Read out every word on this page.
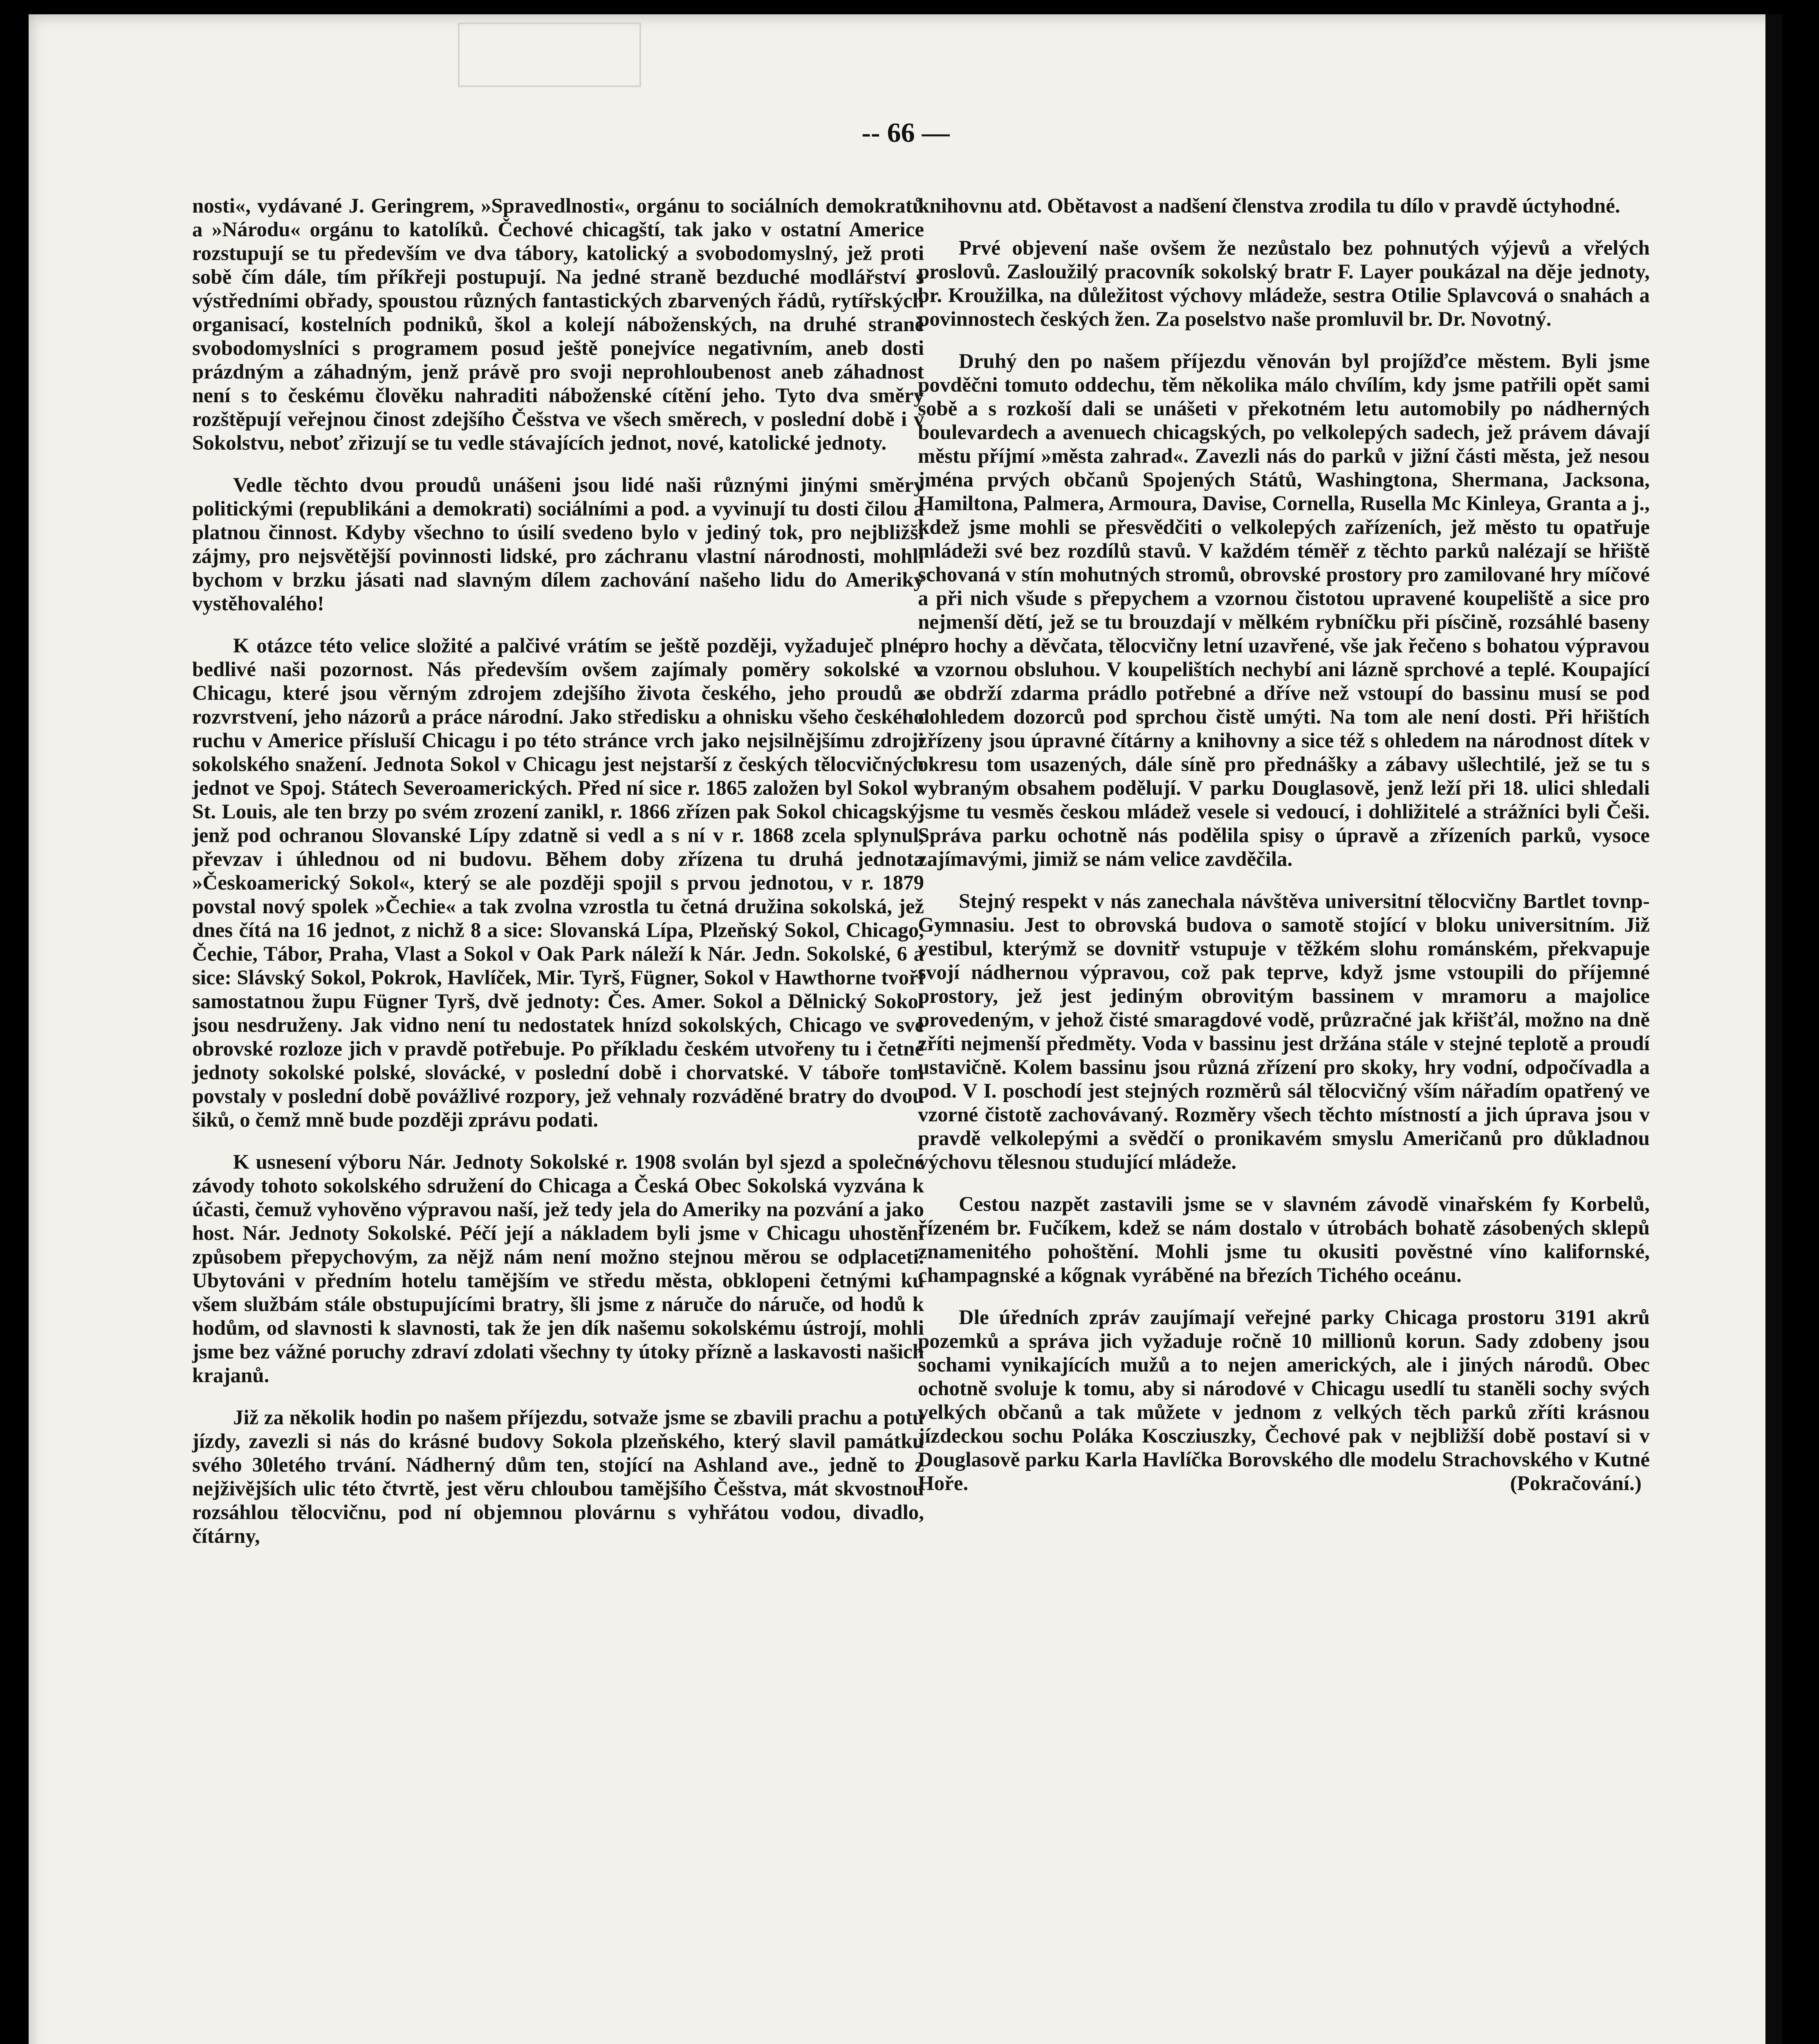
-- 66 —

nosti«, vydávané J. Geringrem, »Spravedlnosti«, orgánu to sociálních demokratů a »Národu« orgánu to katolíků. Čechové chicagští, tak jako v ostatní Americe rozstupují se tu především ve dva tábory, katolický a svobodomyslný, jež proti sobě čím dále, tím příkřeji postupují. Na jedné straně bezduché modlářství s výstředními obřady, spoustou různých fantastických zbarvených řádů, rytířských organisací, kostelních podniků, škol a kolejí náboženských, na druhé straně svobodomyslníci s programem posud ještě ponejvíce negativním, aneb dosti prázdným a záhadným, jenž právě pro svoji neprohloubenost aneb záhadnost není s to českému člověku nahraditi náboženské cítění jeho. Tyto dva směry rozštěpují veřejnou činost zdejšího Češstva ve všech směrech, v poslední době i v Sokolstvu, neboť zřizují se tu vedle stávajících jednot, nové, katolické jednoty.

Vedle těchto dvou proudů unášeni jsou lidé naši různými jinými směry politickými (republikáni a demokrati) sociálními a pod. a vyvinují tu dosti čilou a platnou činnost. Kdyby všechno to úsilí svedeno bylo v jediný tok, pro nejbližší zájmy, pro nejsvětější povinnosti lidské, pro záchranu vlastní národnosti, mohli bychom v brzku jásati nad slavným dílem zachování našeho lidu do Ameriky vystěhovalého!

K otázce této velice složité a palčivé vrátím se ještě později, vyžaduječ plné, bedlivé naši pozornost. Nás především ovšem zajímaly poměry sokolské v Chicagu, které jsou věrným zdrojem zdejšího života českého, jeho proudů a rozvrstvení, jeho názorů a práce národní. Jako středisku a ohnisku všeho českého ruchu v Americe přísluší Chicagu i po této stránce vrch jako nejsilnějšímu zdroji sokolského snažení. Jednota Sokol v Chicagu jest nejstarší z českých tělocvičných jednot ve Spoj. Státech Severoamerických. Před ní sice r. 1865 založen byl Sokol v St. Louis, ale ten brzy po svém zrození zanikl, r. 1866 zřízen pak Sokol chicagský, jenž pod ochranou Slovanské Lípy zdatně si vedl a s ní v r. 1868 zcela splynul, převzav i úhlednou od ni budovu. Během doby zřízena tu druhá jednota »Českoamerický Sokol«, který se ale později spojil s prvou jednotou, v r. 1879 povstal nový spolek »Čechie« a tak zvolna vzrostla tu četná družina sokolská, jež dnes čítá na 16 jednot, z nichž 8 a sice: Slovanská Lípa, Plzeňský Sokol, Chicago, Čechie, Tábor, Praha, Vlast a Sokol v Oak Park náleží k Nár. Jedn. Sokolské, 6 a sice: Slávský Sokol, Pokrok, Havlíček, Mir. Tyrš, Fügner, Sokol v Hawthorne tvoří samostatnou župu Fügner Tyrš, dvě jednoty: Čes. Amer. Sokol a Dělnický Sokol jsou nesdruženy. Jak vidno není tu nedostatek hnízd sokolských, Chicago ve své obrovské rozloze jich v pravdě potřebuje. Po příkladu českém utvořeny tu i četné jednoty sokolské polské, slovácké, v poslední době i chorvatské. V táboře tom povstaly v poslední době povážlivé rozpory, jež vehnaly rozváděné bratry do dvou šiků, o čemž mně bude později zprávu podati.

K usnesení výboru Nár. Jednoty Sokolské r. 1908 svolán byl sjezd a společné závody tohoto sokolského sdružení do Chicaga a Česká Obec Sokolská vyzvána k účasti, čemuž vyhověno výpravou naší, jež tedy jela do Ameriky na pozvání a jako host. Nár. Jednoty Sokolské. Péčí její a nákladem byli jsme v Chicagu uhostění způsobem přepychovým, za nějž nám není možno stejnou měrou se odplaceti. Ubytováni v předním hotelu tamějším ve středu města, obklopeni četnými ku všem službám stále obstupujícími bratry, šli jsme z náruče do náruče, od hodů k hodům, od slavnosti k slavnosti, tak že jen dík našemu sokolskému ústrojí, mohli jsme bez vážné poruchy zdraví zdolati všechny ty útoky přízně a laskavosti našich krajanů.

Již za několik hodin po našem příjezdu, sotvaže jsme se zbavili prachu a potu jízdy, zavezli si nás do krásné budovy Sokola plzeňského, který slavil památku svého 30letého trvání. Nádherný dům ten, stojící na Ashland ave., jedně to z nejživějších ulic této čtvrtě, jest věru chloubou tamějšího Češstva, mát skvostnou rozsáhlou tělocvičnu, pod ní objemnou plovárnu s vyhřátou vodou, divadlo, čítárny,

knihovnu atd. Obětavost a nadšení členstva zrodila tu dílo v pravdě úctyhodné.

Prvé objevení naše ovšem že nezůstalo bez pohnutých výjevů a vřelých proslovů. Zasloužilý pracovník sokolský bratr F. Layer poukázal na děje jednoty, br. Kroužilka, na důležitost výchovy mládeže, sestra Otilie Splavcová o snahách a povinnostech českých žen. Za poselstvo naše promluvil br. Dr. Novotný.

Druhý den po našem příjezdu věnován byl projížďce městem. Byli jsme povděčni tomuto oddechu, těm několika málo chvílím, kdy jsme patřili opět sami sobě a s rozkoší dali se unášeti v překotném letu automobily po nádherných boulevardech a avenuech chicagských, po velkolepých sadech, jež právem dávají městu příjmí »města zahrad«. Zavezli nás do parků v jižní části města, jež nesou jména prvých občanů Spojených Států, Washingtona, Shermana, Jacksona, Hamiltona, Palmera, Armoura, Davise, Cornella, Rusella Mc Kinleya, Granta a j., kdež jsme mohli se přesvědčiti o velkolepých zařízeních, jež město tu opatřuje mládeži své bez rozdílů stavů. V každém téměř z těchto parků nalézají se hřiště schovaná v stín mohutných stromů, obrovské prostory pro zamilované hry míčové a při nich všude s přepychem a vzornou čistotou upravené koupeliště a sice pro nejmenší dětí, jež se tu brouzdají v mělkém rybníčku při písčině, rozsáhlé baseny pro hochy a děvčata, tělocvičny letní uzavřené, vše jak řečeno s bohatou výpravou a vzornou obsluhou. V koupelištích nechybí ani lázně sprchové a teplé. Koupající se obdrží zdarma prádlo potřebné a dříve než vstoupí do bassinu musí se pod dohledem dozorců pod sprchou čistě umýti. Na tom ale není dosti. Při hřištích zřízeny jsou úpravné čítárny a knihovny a sice též s ohledem na národnost dítek v okresu tom usazených, dále síně pro přednášky a zábavy ušlechtilé, jež se tu s vybraným obsahem podělují. V parku Douglasově, jenž leží při 18. ulici shledali jsme tu vesměs českou mládež vesele si vedoucí, i dohližitelé a strážníci byli Češi. Správa parku ochotně nás podělila spisy o úpravě a zřízeních parků, vysoce zajímavými, jimiž se nám velice zavděčila.

Stejný respekt v nás zanechala návštěva universitní tělocvičny Bartlet tovnp-Gymnasiu. Jest to obrovská budova o samotě stojící v bloku universitním. Již vestibul, kterýmž se dovnitř vstupuje v těžkém slohu románském, překvapuje svojí nádhernou výpravou, což pak teprve, když jsme vstoupili do příjemné prostory, jež jest jediným obrovitým bassinem v mramoru a majolice provedeným, v jehož čisté smaragdové vodě, průzračné jak křišťál, možno na dně zříti nejmenší předměty. Voda v bassinu jest držána stále v stejné teplotě a proudí ustavičně. Kolem bassinu jsou různá zřízení pro skoky, hry vodní, odpočívadla a pod. V I. poschodí jest stejných rozměrů sál tělocvičný vším nářadím opatřený ve vzorné čistotě zachovávaný. Rozměry všech těchto místností a jich úprava jsou v pravdě velkolepými a svědčí o pronikavém smyslu Američanů pro důkladnou výchovu tělesnou studující mládeže.

Cestou nazpět zastavili jsme se v slavném závodě vinařském fy Korbelů, řízeném br. Fučíkem, kdež se nám dostalo v útrobách bohatě zásobených sklepů znamenitého pohoštění. Mohli jsme tu okusiti pověstné víno kalifornské, champagnské a kőgnak vyráběné na březích Tichého oceánu.

Dle úředních zpráv zaujímají veřejné parky Chicaga prostoru 3191 akrů pozemků a správa jich vyžaduje ročně 10 millionů korun. Sady zdobeny jsou sochami vynikajících mužů a to nejen amerických, ale i jiných národů. Obec ochotně svoluje k tomu, aby si národové v Chicagu usedlí tu staněli sochy svých velkých občanů a tak můžete v jednom z velkých těch parků zříti krásnou jízdeckou sochu Poláka Koscziuszky, Čechové pak v nejbližší době postaví si v Douglasově parku Karla Havlíčka Borovského dle modelu Strachovského v Kutné Hoře.	(Pokračování.)
